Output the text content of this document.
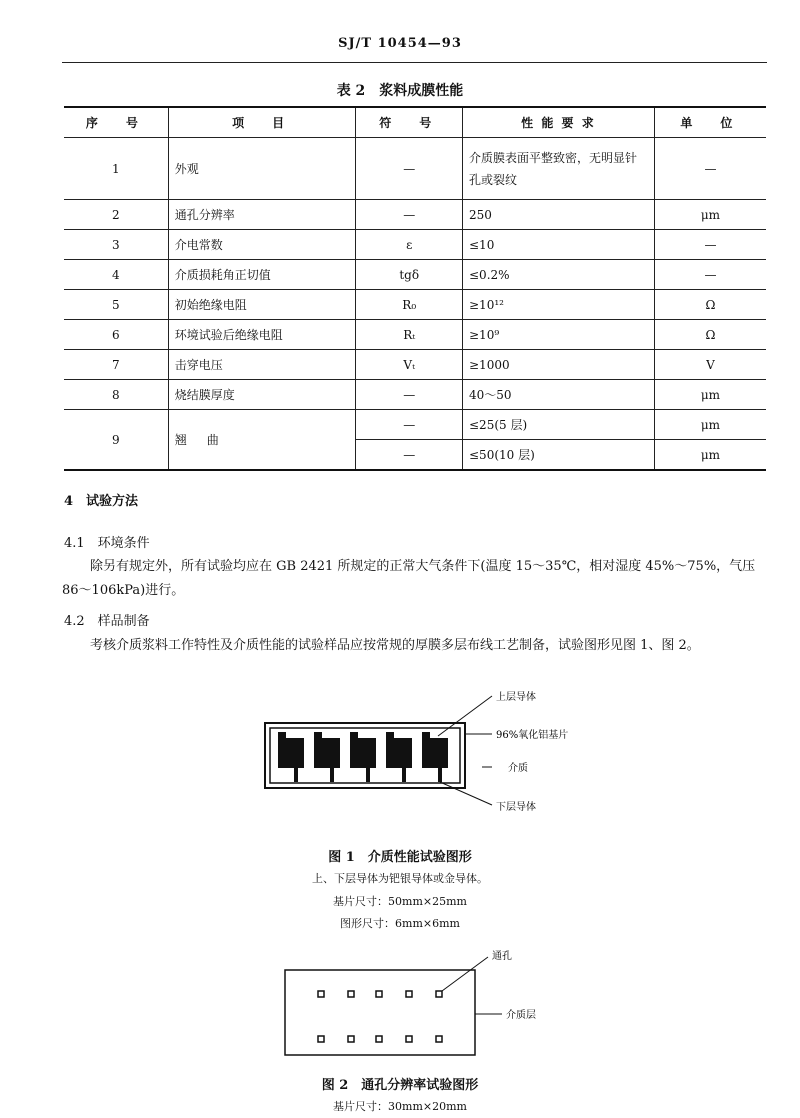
SJ/T 10454—93
表 2　浆料成膜性能
序　号	项　目	符　号	性 能 要 求	单　位
1	外观	—	介质膜表面平整致密，无明显针孔或裂纹	—
2	通孔分辨率	—	250	μm
3	介电常数	ε	≤10	—
4	介质损耗角正切值	tgδ	≤0.2%	—
5	初始绝缘电阻	R₀	≥10¹²	Ω
6	环境试验后绝缘电阻	Rₜ	≥10⁹	Ω
7	击穿电压	Vₜ	≥1000	V
8	烧结膜厚度	—	40～50	μm
9	翘　曲	—	≤25(5 层)	μm
		—	≤50(10 层)	μm
4　试验方法
4.1　环境条件
除另有规定外，所有试验均应在 GB 2421 所规定的正常大气条件下(温度 15～35℃，相对湿度 45%～75%，气压 86～106kPa)进行。
4.2　样品制备
考核介质浆料工作特性及介质性能的试验样品应按常规的厚膜多层布线工艺制备，试验图形见图 1、图 2。
上层导体
96%氧化铝基片
介质
下层导体
图 1　介质性能试验图形
上、下层导体为钯银导体或金导体。
基片尺寸：50mm×25mm
图形尺寸：6mm×6mm
通孔
介质层
图 2　通孔分辨率试验图形
基片尺寸：30mm×20mm
